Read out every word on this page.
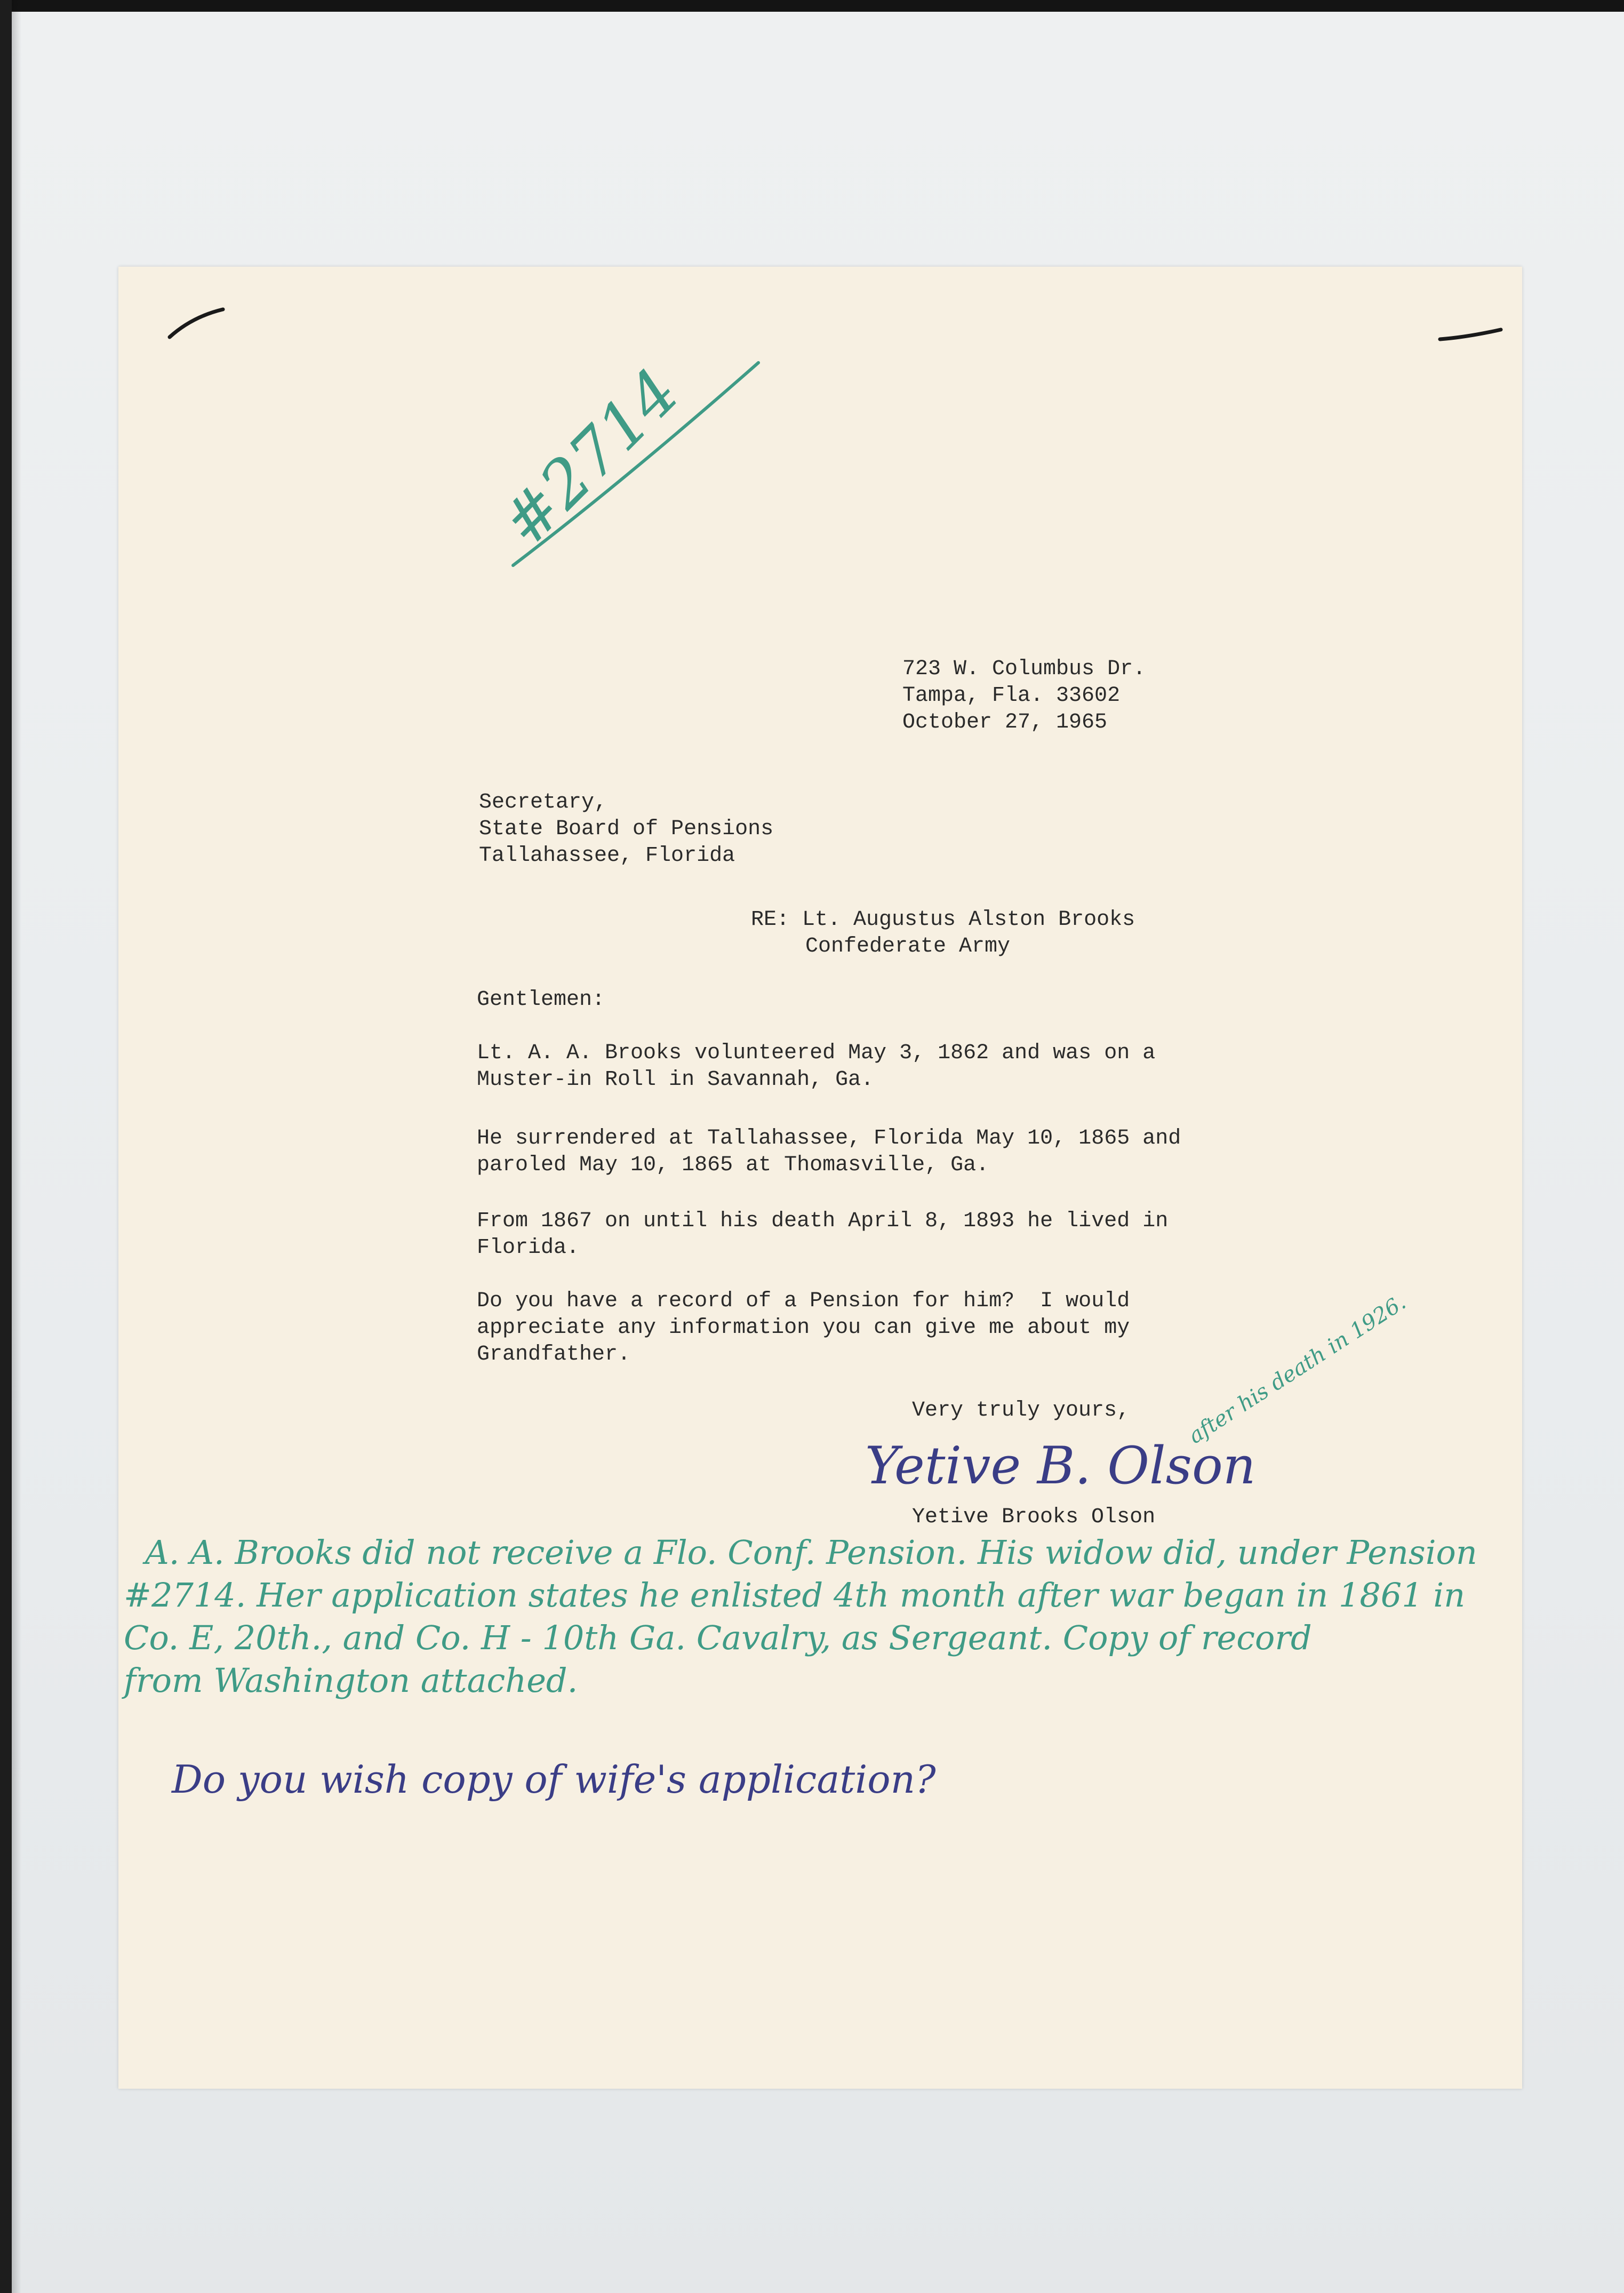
#2714

723 W. Columbus Dr.

Tampa, Fla. 33602

October 27, 1965

Secretary,

State Board of Pensions

Tallahassee, Florida

RE: Lt. Augustus Alston Brooks

Confederate Army

Gentlemen:

Lt. A. A. Brooks volunteered May 3, 1862 and was on a
Muster-in Roll in Savannah, Ga.

He surrendered at Tallahassee, Florida May 10, 1865 and
paroled May 10, 1865 at Thomasville, Ga.

From 1867 on until his death April 8, 1893 he lived in
Florida.

Do you have a record of a Pension for him?  I would
appreciate any information you can give me about my
Grandfather.

Very truly yours,

Yetive B. Olson

Yetive Brooks Olson

after his death in 1926.

A. A. Brooks did not receive a Flo. Conf. Pension. His widow did, under Pension

#2714. Her application states he enlisted 4th month after war began in 1861 in

Co. E, 20th., and Co. H - 10th Ga. Cavalry, as Sergeant. Copy of record

from Washington attached.

Do you wish copy of wife's application?
